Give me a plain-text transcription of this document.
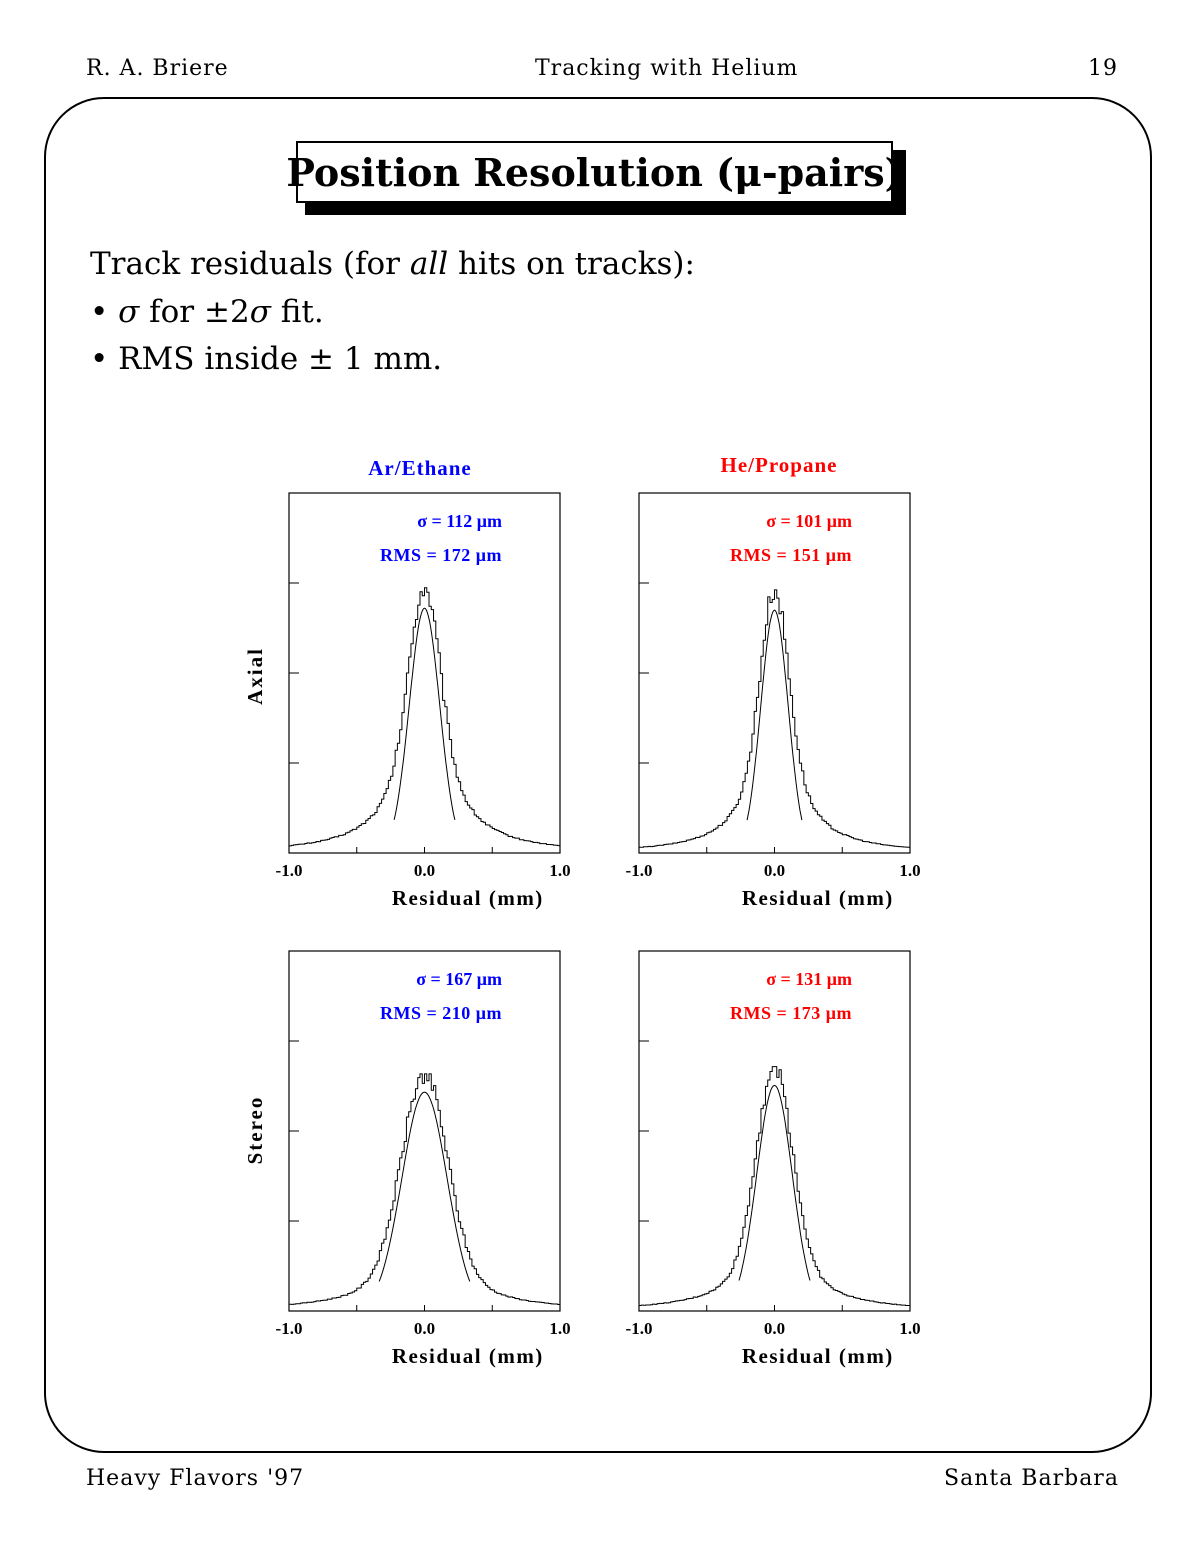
R. A. Briere	Tracking with Helium	19
Position Resolution (μ-pairs)
Track residuals (for all hits on tracks):
• σ for ±2σ fit.
• RMS inside ± 1 mm.
Ar/Ethane	He/Propane
Axial
Stereo
-1.0	0.0	1.0
Residual (mm)
σ = 112 μm
RMS = 172 μm
-1.0	0.0	1.0
Residual (mm)
σ = 101 μm
RMS = 151 μm
-1.0	0.0	1.0
Residual (mm)
σ = 167 μm
RMS = 210 μm
-1.0	0.0	1.0
Residual (mm)
σ = 131 μm
RMS = 173 μm
Heavy Flavors '97	Santa Barbara
